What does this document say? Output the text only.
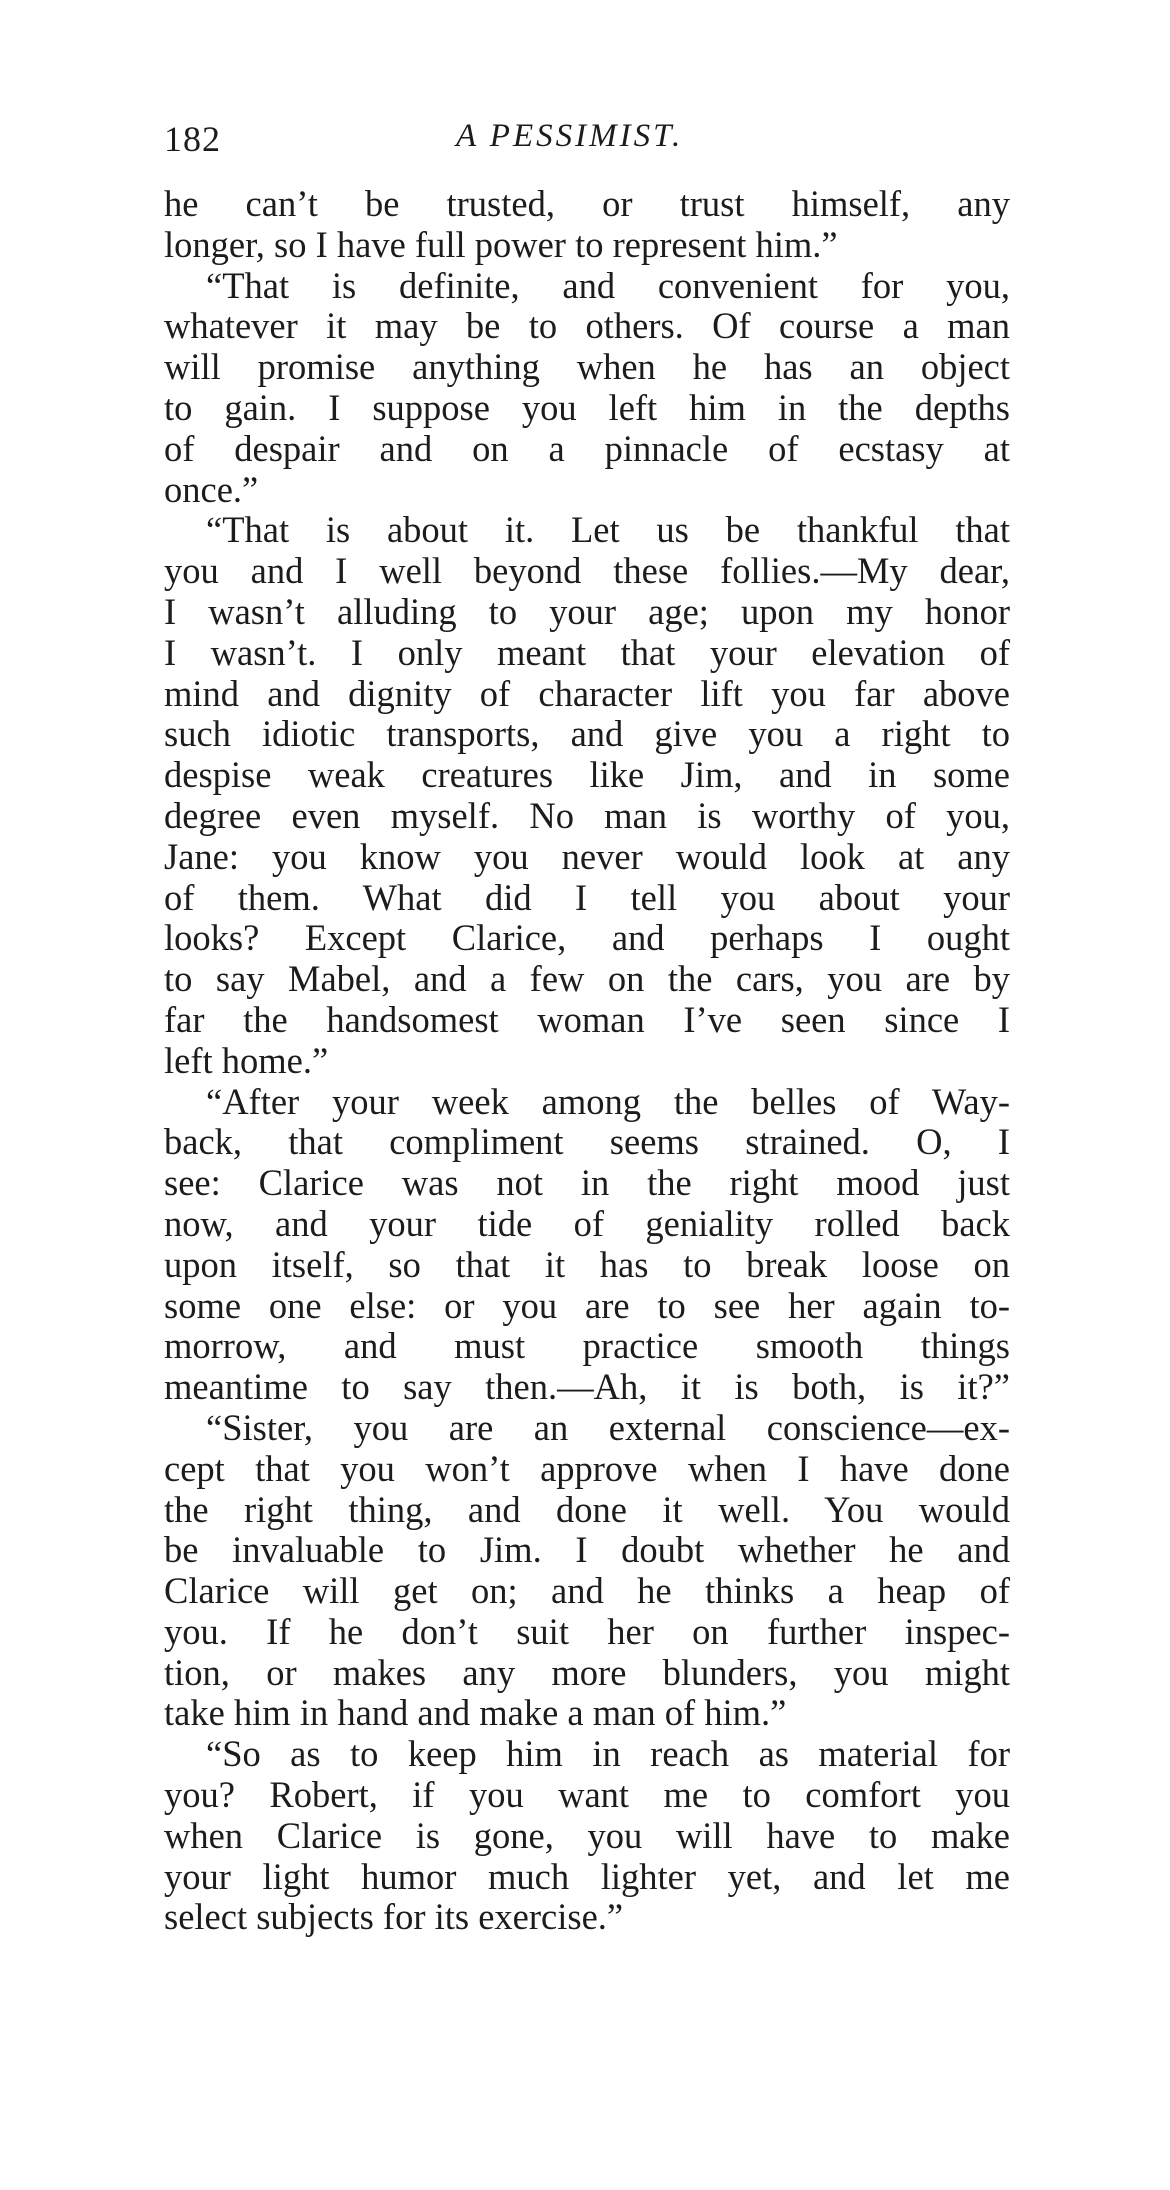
182	A PESSIMIST.
he can’t be trusted, or trust himself, any
longer, so I have full power to represent him.”
“That is definite, and convenient for you,
whatever it may be to others. Of course a man
will promise anything when he has an object
to gain. I suppose you left him in the depths
of despair and on a pinnacle of ecstasy at
once.”
“That is about it. Let us be thankful that
you and I well beyond these follies.—My dear,
I wasn’t alluding to your age; upon my honor
I wasn’t. I only meant that your elevation of
mind and dignity of character lift you far above
such idiotic transports, and give you a right to
despise weak creatures like Jim, and in some
degree even myself. No man is worthy of you,
Jane: you know you never would look at any
of them. What did I tell you about your
looks? Except Clarice, and perhaps I ought
to say Mabel, and a few on the cars, you are by
far the handsomest woman I’ve seen since I
left home.”
“After your week among the belles of Way-
back, that compliment seems strained. O, I
see: Clarice was not in the right mood just
now, and your tide of geniality rolled back
upon itself, so that it has to break loose on
some one else: or you are to see her again to-
morrow, and must practice smooth things
meantime to say then.—Ah, it is both, is it?”
“Sister, you are an external conscience—ex-
cept that you won’t approve when I have done
the right thing, and done it well. You would
be invaluable to Jim. I doubt whether he and
Clarice will get on; and he thinks a heap of
you. If he don’t suit her on further inspec-
tion, or makes any more blunders, you might
take him in hand and make a man of him.”
“So as to keep him in reach as material for
you? Robert, if you want me to comfort you
when Clarice is gone, you will have to make
your light humor much lighter yet, and let me
select subjects for its exercise.”
